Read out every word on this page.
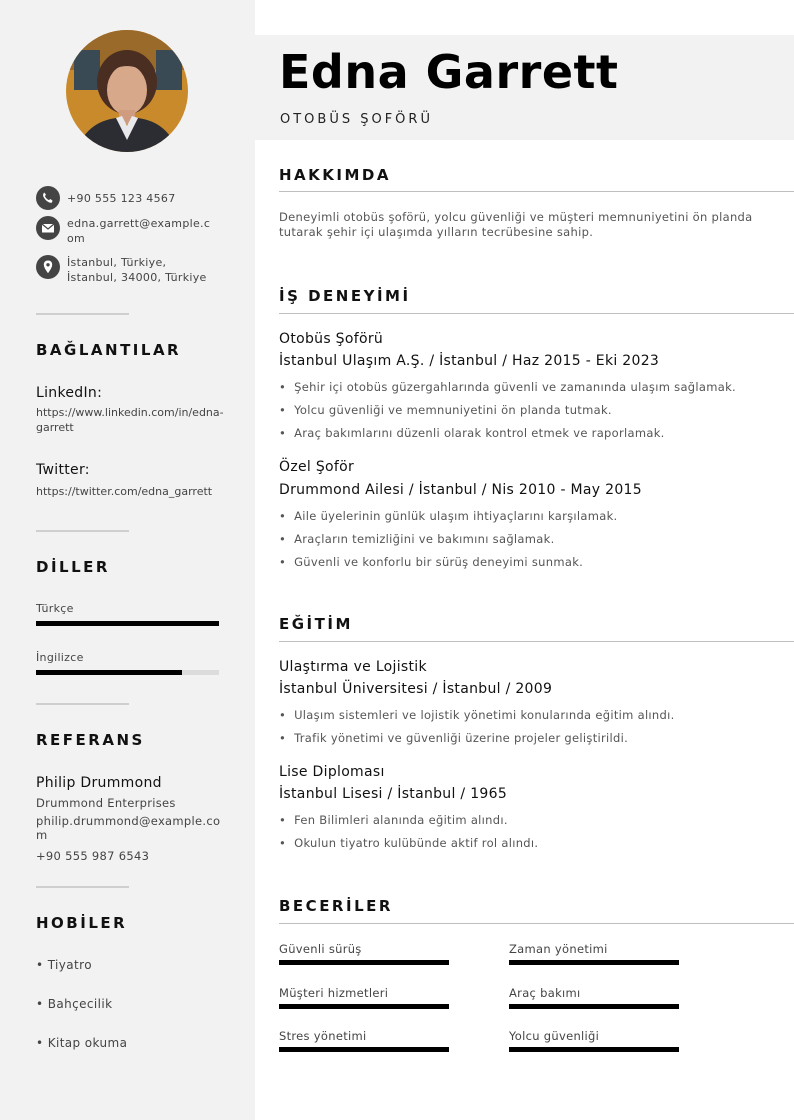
+90 555 123 4567
edna.garrett@example.com
İstanbul, Türkiye, İstanbul, 34000, Türkiye
BAĞLANTILAR
LinkedIn:
https://www.linkedin.com/in/edna-garrett
Twitter:
https://twitter.com/edna_garrett
DİLLER
Türkçe
İngilizce
REFERANS
Philip Drummond
Drummond Enterprises
philip.drummond@example.com
+90 555 987 6543
HOBİLER
• Tiyatro
• Bahçecilik
• Kitap okuma
Edna Garrett
OTOBÜS ŞOFÖRÜ
HAKKIMDA
Deneyimli otobüs şoförü, yolcu güvenliği ve müşteri memnuniyetini ön planda tutarak şehir içi ulaşımda yılların tecrübesine sahip.
İŞ DENEYİMİ
Otobüs Şoförü
İstanbul Ulaşım A.Ş. / İstanbul / Haz 2015 - Eki 2023
• Şehir içi otobüs güzergahlarında güvenli ve zamanında ulaşım sağlamak.
• Yolcu güvenliği ve memnuniyetini ön planda tutmak.
• Araç bakımlarını düzenli olarak kontrol etmek ve raporlamak.
Özel Şoför
Drummond Ailesi / İstanbul / Nis 2010 - May 2015
• Aile üyelerinin günlük ulaşım ihtiyaçlarını karşılamak.
• Araçların temizliğini ve bakımını sağlamak.
• Güvenli ve konforlu bir sürüş deneyimi sunmak.
EĞİTİM
Ulaştırma ve Lojistik
İstanbul Üniversitesi / İstanbul / 2009
• Ulaşım sistemleri ve lojistik yönetimi konularında eğitim alındı.
• Trafik yönetimi ve güvenliği üzerine projeler geliştirildi.
Lise Diploması
İstanbul Lisesi / İstanbul / 1965
• Fen Bilimleri alanında eğitim alındı.
• Okulun tiyatro kulübünde aktif rol alındı.
BECERİLER
Güvenli sürüş	Zaman yönetimi
Müşteri hizmetleri	Araç bakımı
Stres yönetimi	Yolcu güvenliği
